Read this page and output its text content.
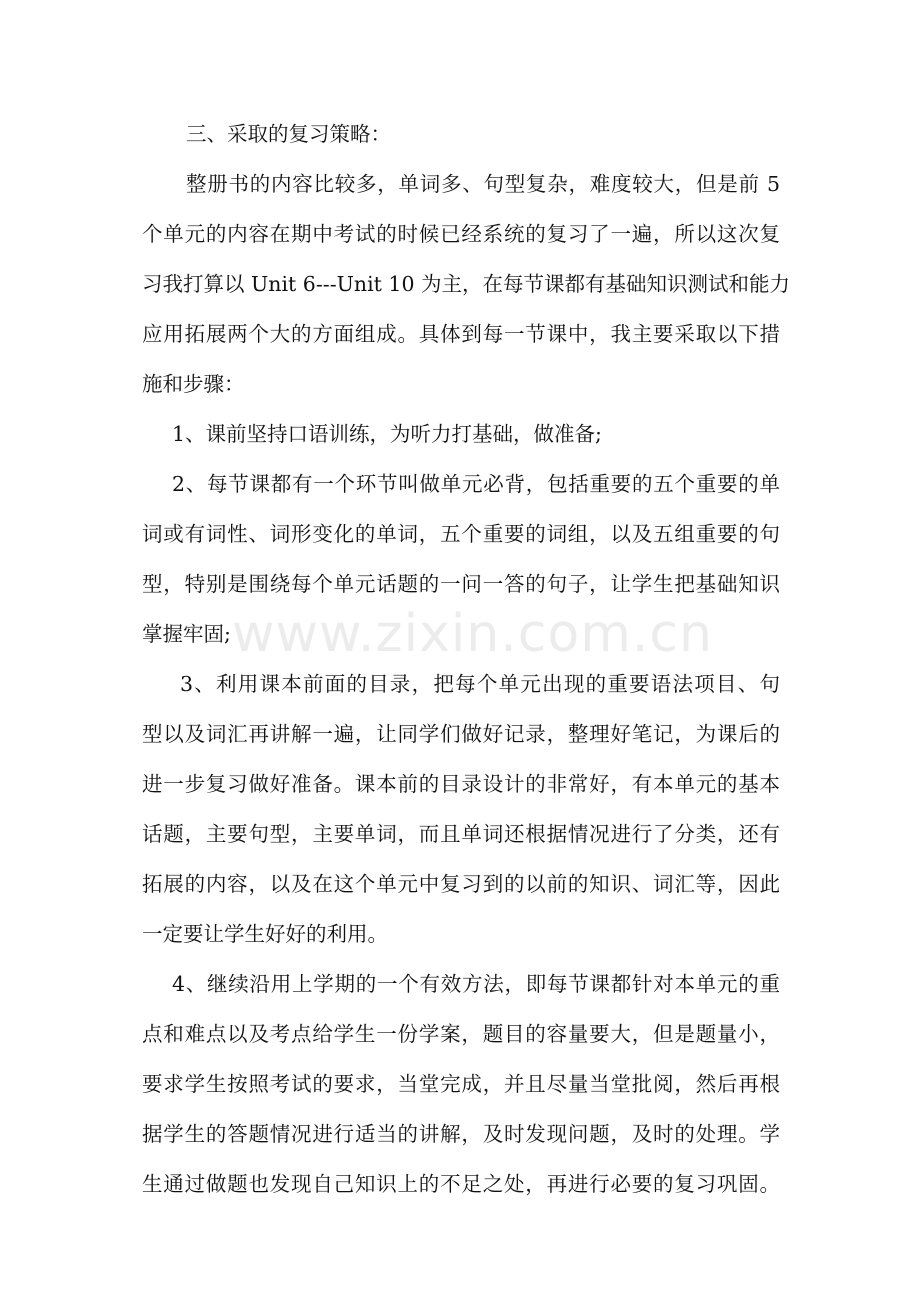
www.zixin.com.cn
三、采取的复习策略：
整册书的内容比较多，单词多、句型复杂，难度较大，但是前 5
个单元的内容在期中考试的时候已经系统的复习了一遍，所以这次复
习我打算以 Unit 6---Unit 10 为主，在每节课都有基础知识测试和能力
应用拓展两个大的方面组成。具体到每一节课中，我主要采取以下措
施和步骤：
1、课前坚持口语训练，为听力打基础，做准备;
2、每节课都有一个环节叫做单元必背，包括重要的五个重要的单
词或有词性、词形变化的单词，五个重要的词组，以及五组重要的句
型，特别是围绕每个单元话题的一问一答的句子，让学生把基础知识
掌握牢固;
3、利用课本前面的目录，把每个单元出现的重要语法项目、句
型以及词汇再讲解一遍，让同学们做好记录，整理好笔记，为课后的
进一步复习做好准备。课本前的目录设计的非常好，有本单元的基本
话题，主要句型，主要单词，而且单词还根据情况进行了分类，还有
拓展的内容，以及在这个单元中复习到的以前的知识、词汇等，因此
一定要让学生好好的利用。
4、继续沿用上学期的一个有效方法，即每节课都针对本单元的重
点和难点以及考点给学生一份学案，题目的容量要大，但是题量小，
要求学生按照考试的要求，当堂完成，并且尽量当堂批阅，然后再根
据学生的答题情况进行适当的讲解，及时发现问题，及时的处理。学
生通过做题也发现自己知识上的不足之处，再进行必要的复习巩固。
